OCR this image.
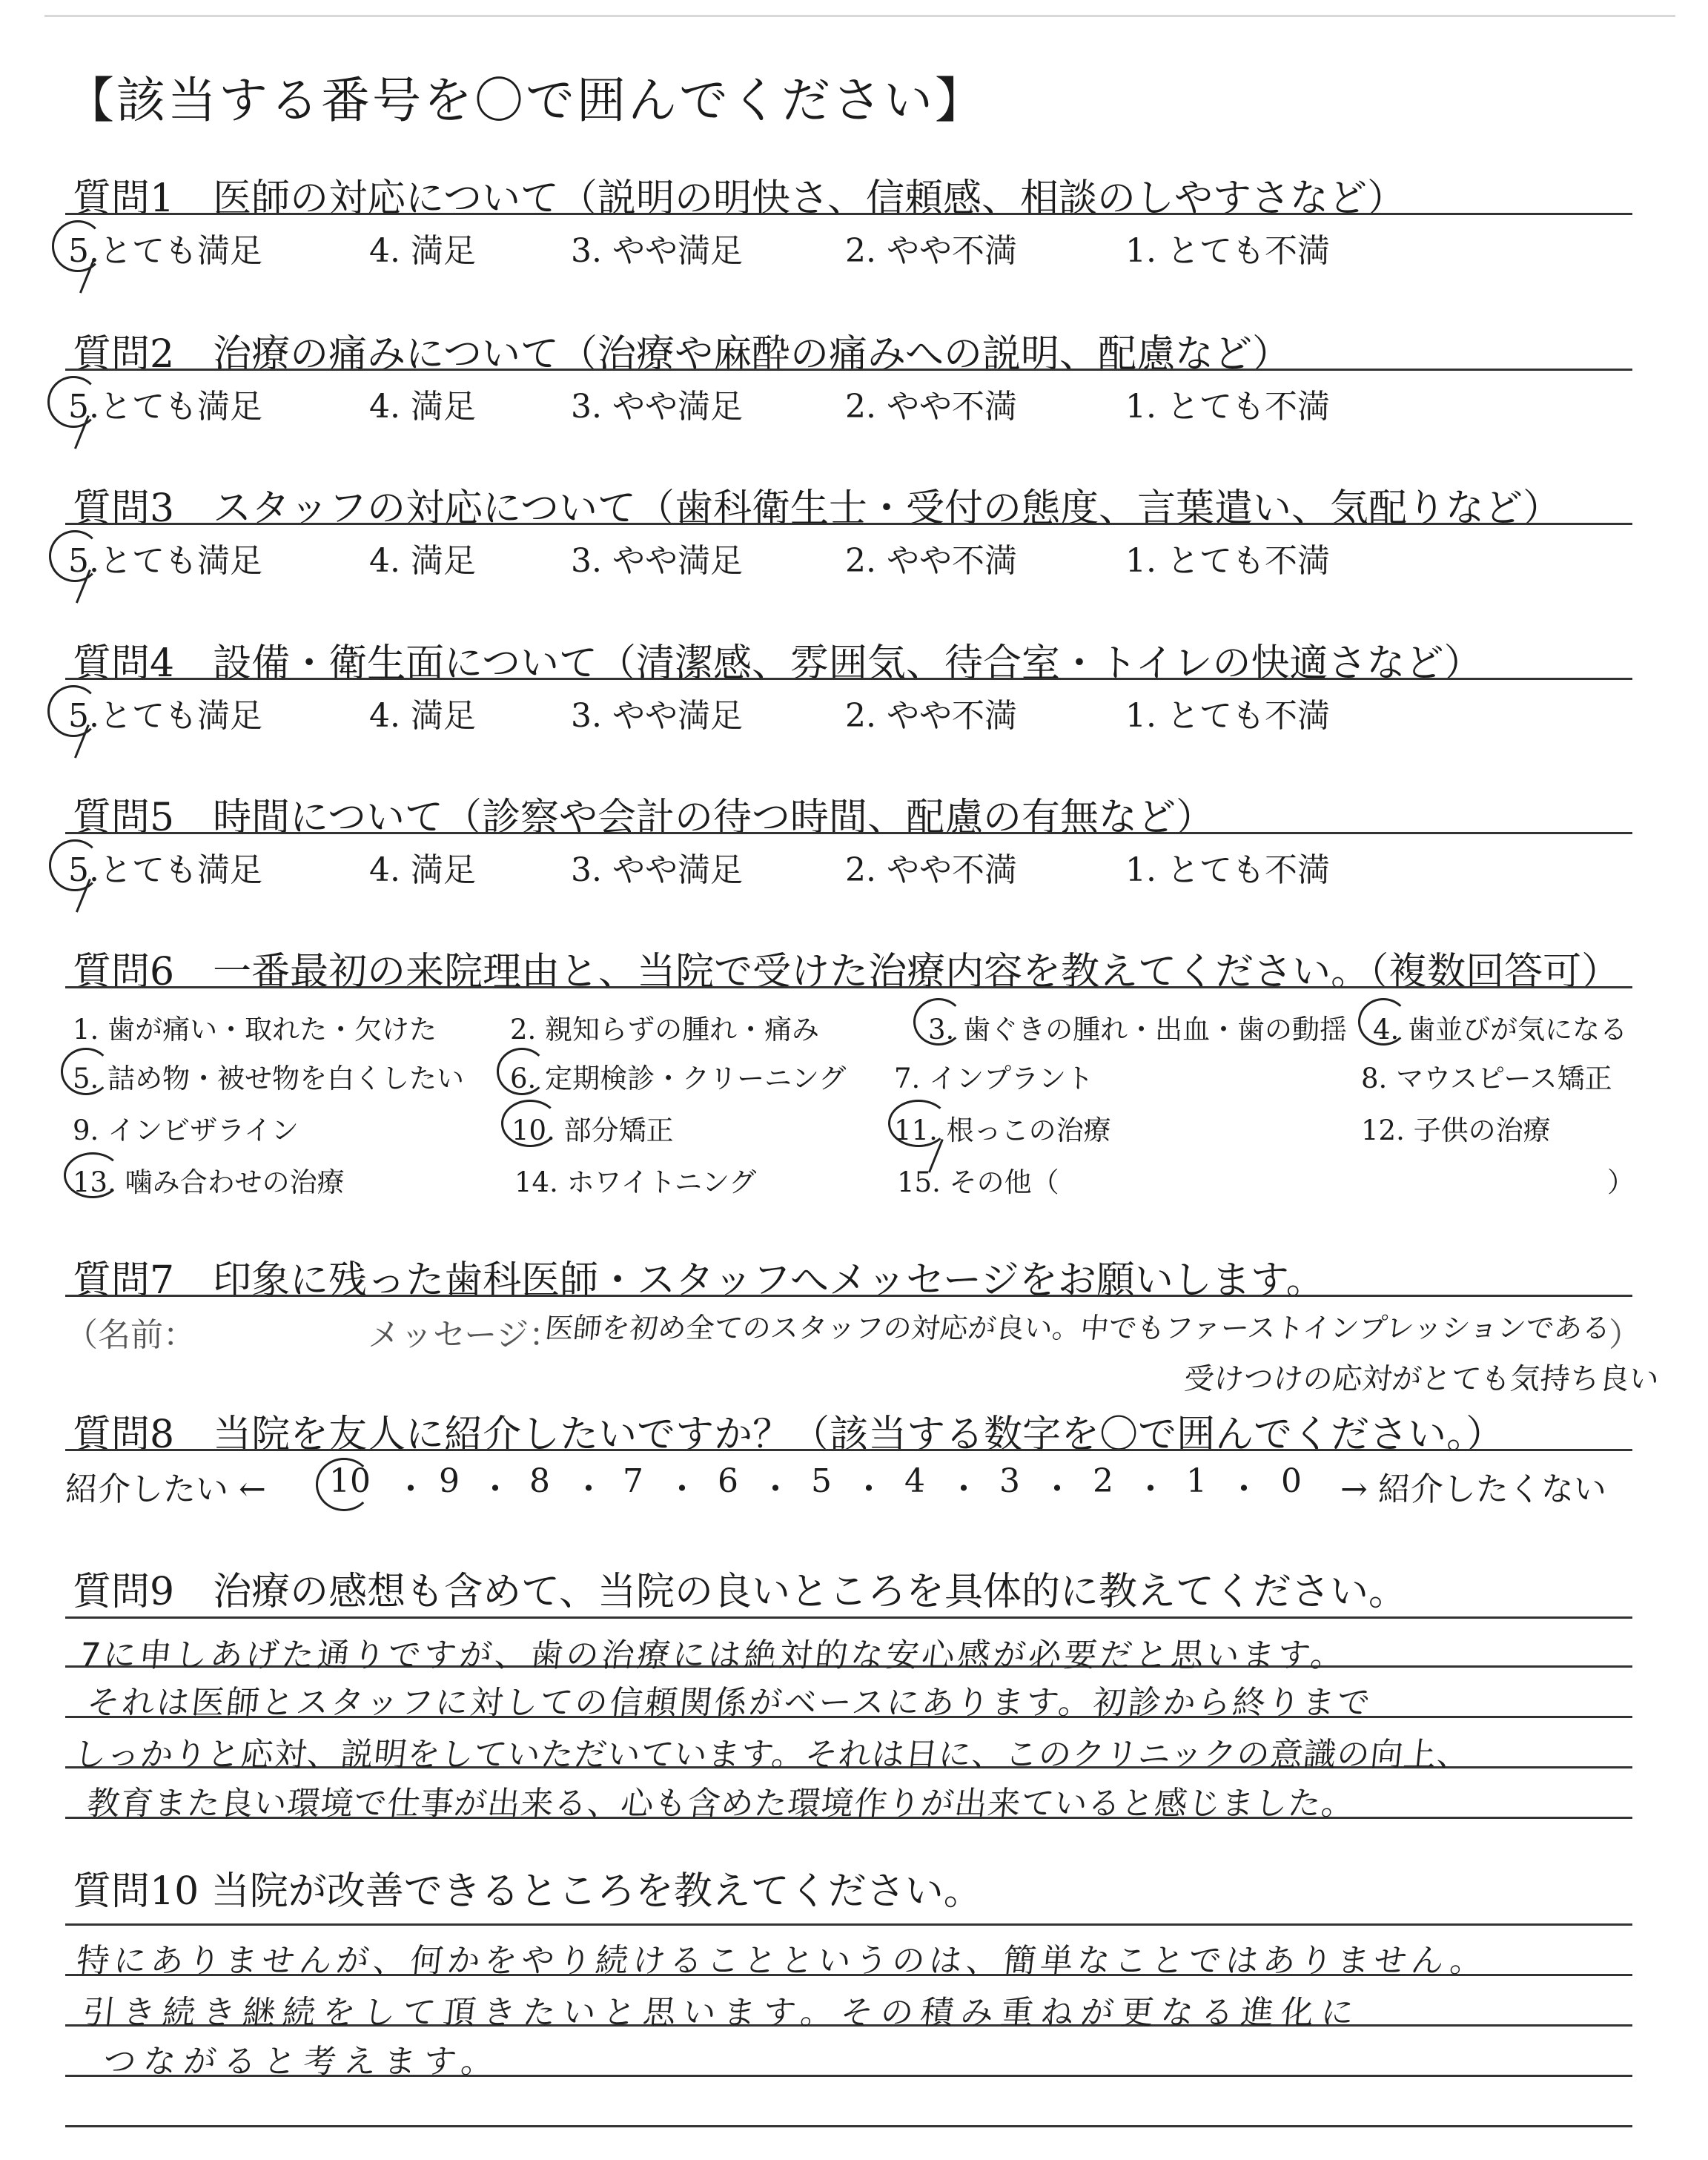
【該当する番号を〇で囲んでください】
質問1　医師の対応について（説明の明快さ、信頼感、相談のしやすさなど）
5.とても満足	4. 満足	3. やや満足	2. やや不満	1. とても不満
質問2　治療の痛みについて（治療や麻酔の痛みへの説明、配慮など）
5.とても満足	4. 満足	3. やや満足	2. やや不満	1. とても不満
質問3　スタッフの対応について（歯科衛生士・受付の態度、言葉遣い、気配りなど）
5.とても満足	4. 満足	3. やや満足	2. やや不満	1. とても不満
質問4　設備・衛生面について（清潔感、雰囲気、待合室・トイレの快適さなど）
5.とても満足	4. 満足	3. やや満足	2. やや不満	1. とても不満
質問5　時間について（診察や会計の待つ時間、配慮の有無など）
5.とても満足	4. 満足	3. やや満足	2. やや不満	1. とても不満
質問6　一番最初の来院理由と、当院で受けた治療内容を教えてください。（複数回答可）
1. 歯が痛い・取れた・欠けた	2. 親知らずの腫れ・痛み	3. 歯ぐきの腫れ・出血・歯の動揺 4. 歯並びが気になる
5. 詰め物・被せ物を白くしたい 6. 定期検診・クリーニング 7. インプラント	8. マウスピース矯正
9. インビザライン	10. 部分矯正	11. 根っこの治療	12. 子供の治療
13. 噛み合わせの治療	14. ホワイトニング	15. その他（	）
質問7　印象に残った歯科医師・スタッフへメッセージをお願いします。
（名前：	メッセージ：
医師を初め全てのスタッフの対応が良い。中でもファーストインプレッションである
）
受けつけの応対がとても気持ち良い
質問8　当院を友人に紹介したいですか？（該当する数字を〇で囲んでください。）
紹介したい ← 10 ・ 9 ・ 8 ・ 7 ・ 6 ・ 5 ・ 4 ・ 3 ・ 2 ・ 1 ・ 0 → 紹介したくない
質問9　治療の感想も含めて、当院の良いところを具体的に教えてください。
7に申しあげた通りですが、歯の治療には絶対的な安心感が必要だと思います。
それは医師とスタッフに対しての信頼関係がベースにあります。初診から終りまで
しっかりと応対、説明をしていただいています。それは日に、このクリニックの意識の向上、
教育また良い環境で仕事が出来る、心も含めた環境作りが出来ていると感じました。
質問10 当院が改善できるところを教えてください。
特にありませんが、何かをやり続けることというのは、簡単なことではありません。
引き続き継続をして頂きたいと思います。その積み重ねが更なる進化に
つながると考えます。
